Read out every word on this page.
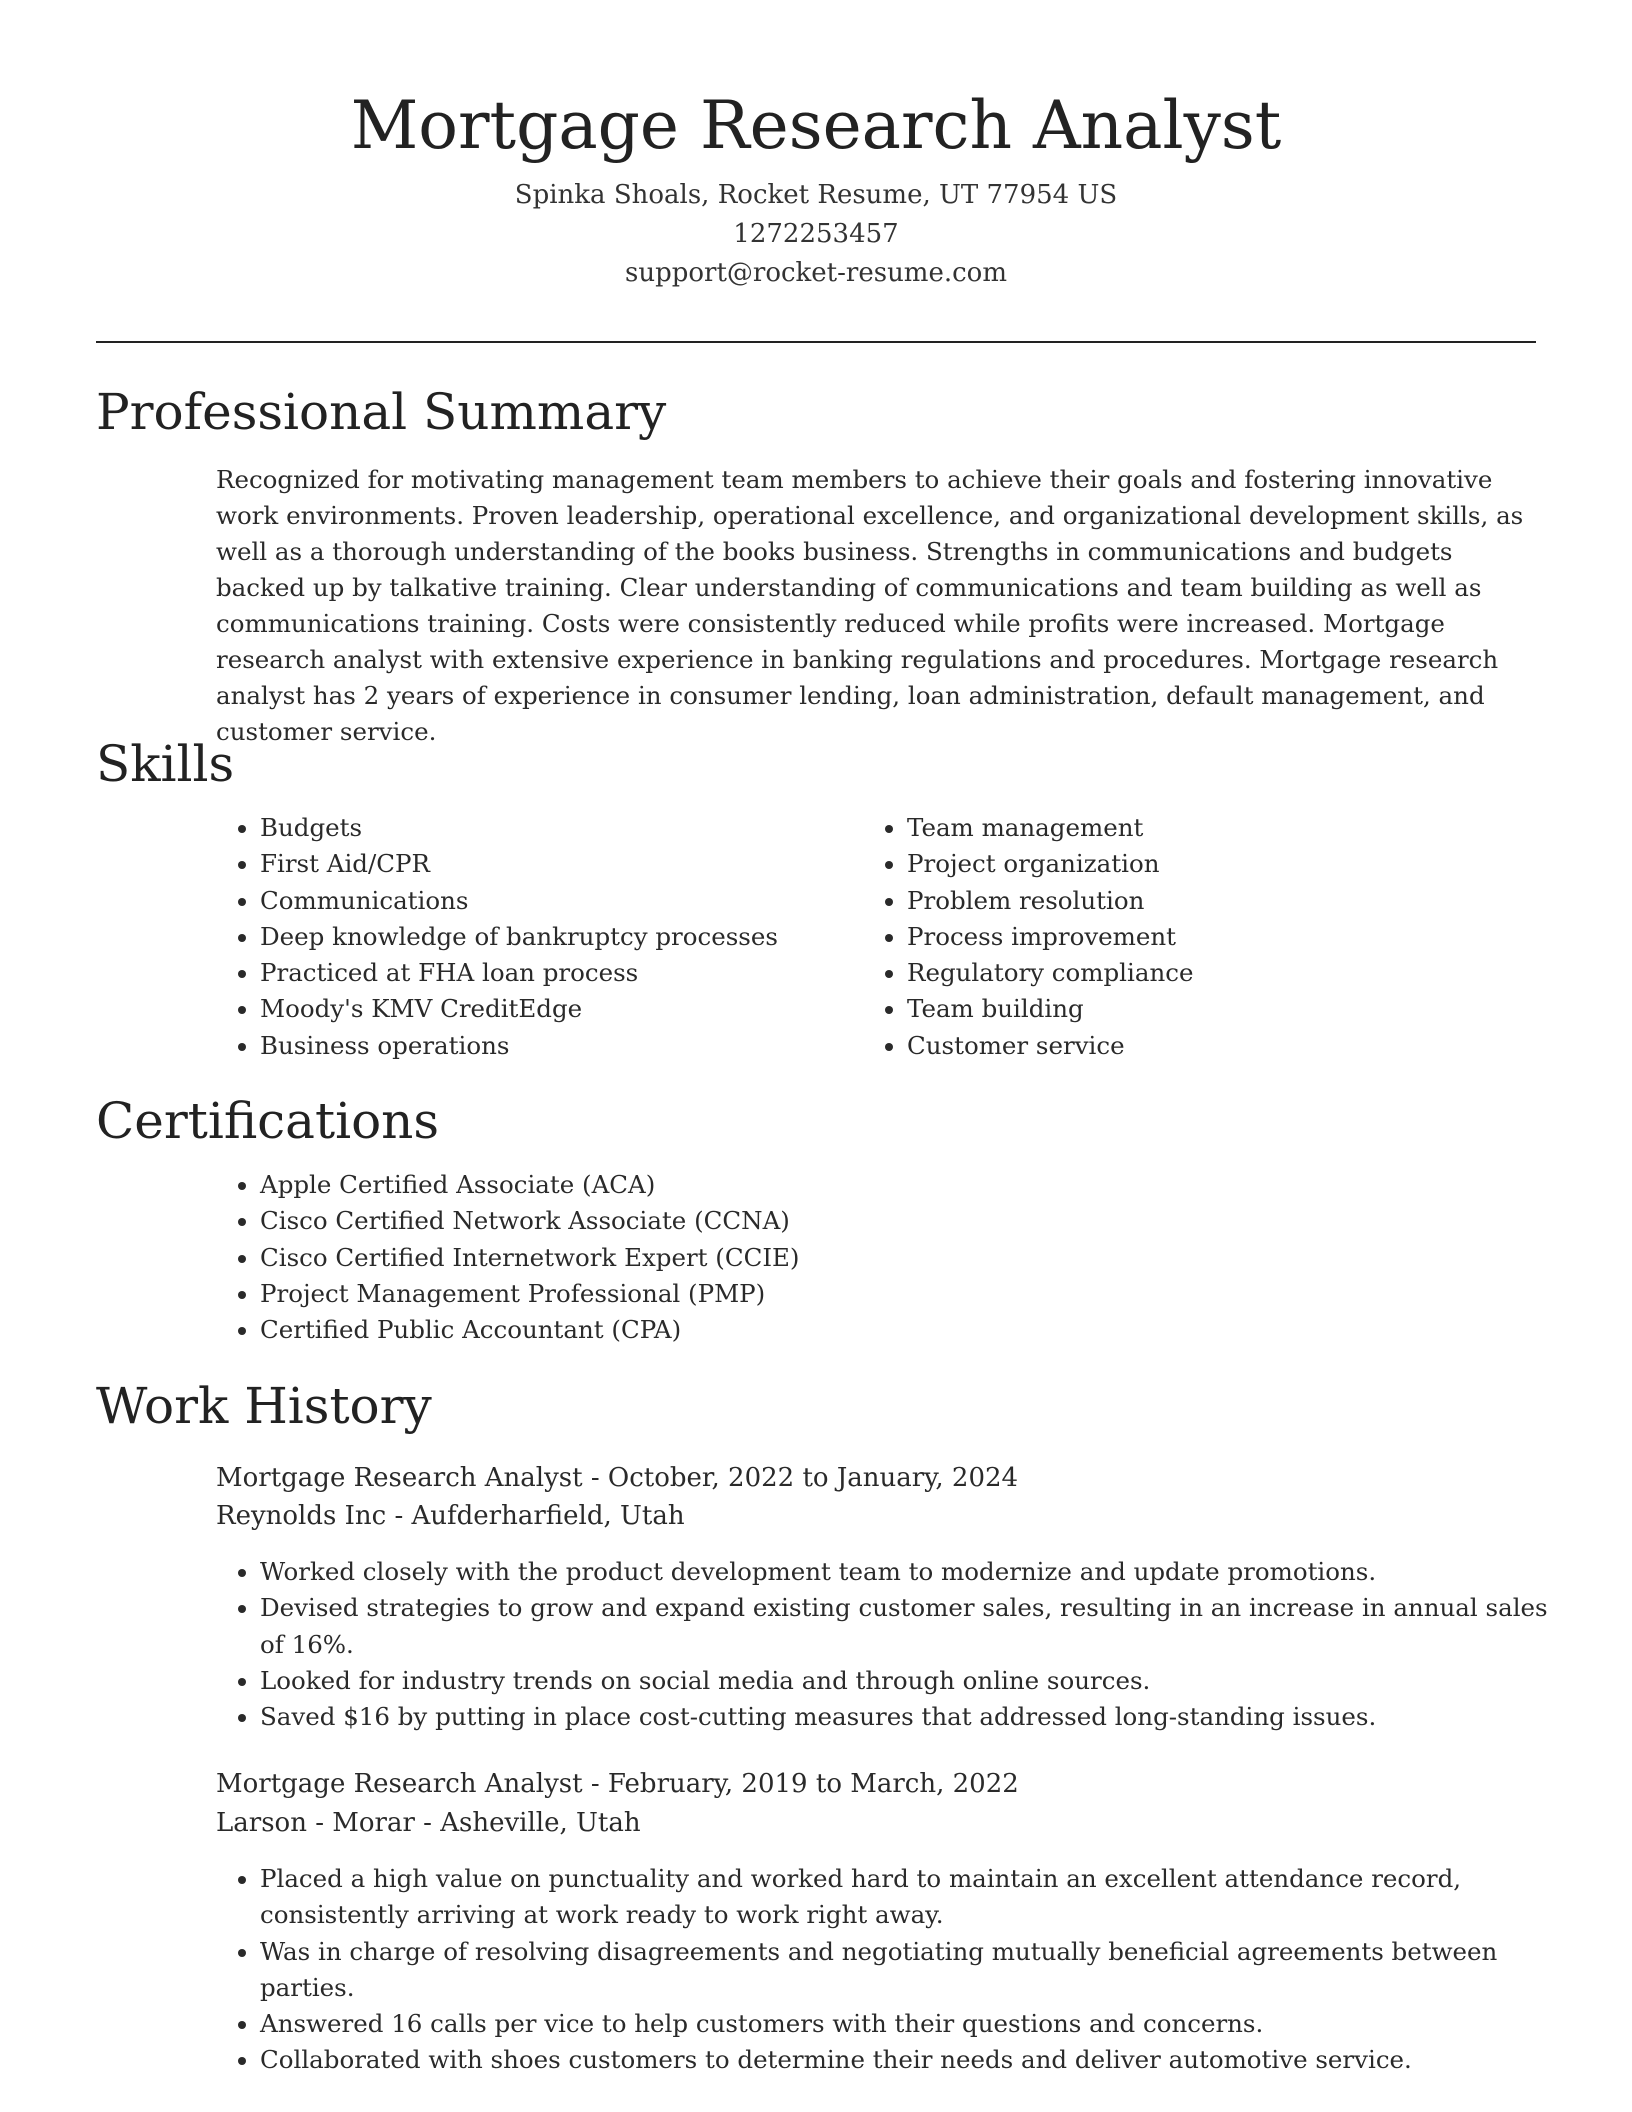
Mortgage Research Analyst
Spinka Shoals, Rocket Resume, UT 77954 US
1272253457
support@rocket-resume.com
Professional Summary

Recognized for motivating management team members to achieve their goals and fostering innovative work environments. Proven leadership, operational excellence, and organizational development skills, as well as a thorough understanding of the books business. Strengths in communications and budgets backed up by talkative training. Clear understanding of communications and team building as well as communications training. Costs were consistently reduced while profits were increased. Mortgage research analyst with extensive experience in banking regulations and procedures. Mortgage research analyst has 2 years of experience in consumer lending, loan administration, default management, and customer service.

Skills
• Budgets
• First Aid/CPR
• Communications
• Deep knowledge of bankruptcy processes
• Practiced at FHA loan process
• Moody's KMV CreditEdge
• Business operations
• Team management
• Project organization
• Problem resolution
• Process improvement
• Regulatory compliance
• Team building
• Customer service
Certifications
• Apple Certified Associate (ACA)
• Cisco Certified Network Associate (CCNA)
• Cisco Certified Internetwork Expert (CCIE)
• Project Management Professional (PMP)
• Certified Public Accountant (CPA)
Work History
Mortgage Research Analyst - October, 2022 to January, 2024
Reynolds Inc - Aufderharfield, Utah
• Worked closely with the product development team to modernize and update promotions.
• Devised strategies to grow and expand existing customer sales, resulting in an increase in annual sales of 16%.
• Looked for industry trends on social media and through online sources.
• Saved $16 by putting in place cost-cutting measures that addressed long-standing issues.
Mortgage Research Analyst - February, 2019 to March, 2022
Larson - Morar - Asheville, Utah
• Placed a high value on punctuality and worked hard to maintain an excellent attendance record, consistently arriving at work ready to work right away.
• Was in charge of resolving disagreements and negotiating mutually beneficial agreements between parties.
• Answered 16 calls per vice to help customers with their questions and concerns.
• Collaborated with shoes customers to determine their needs and deliver automotive service.
